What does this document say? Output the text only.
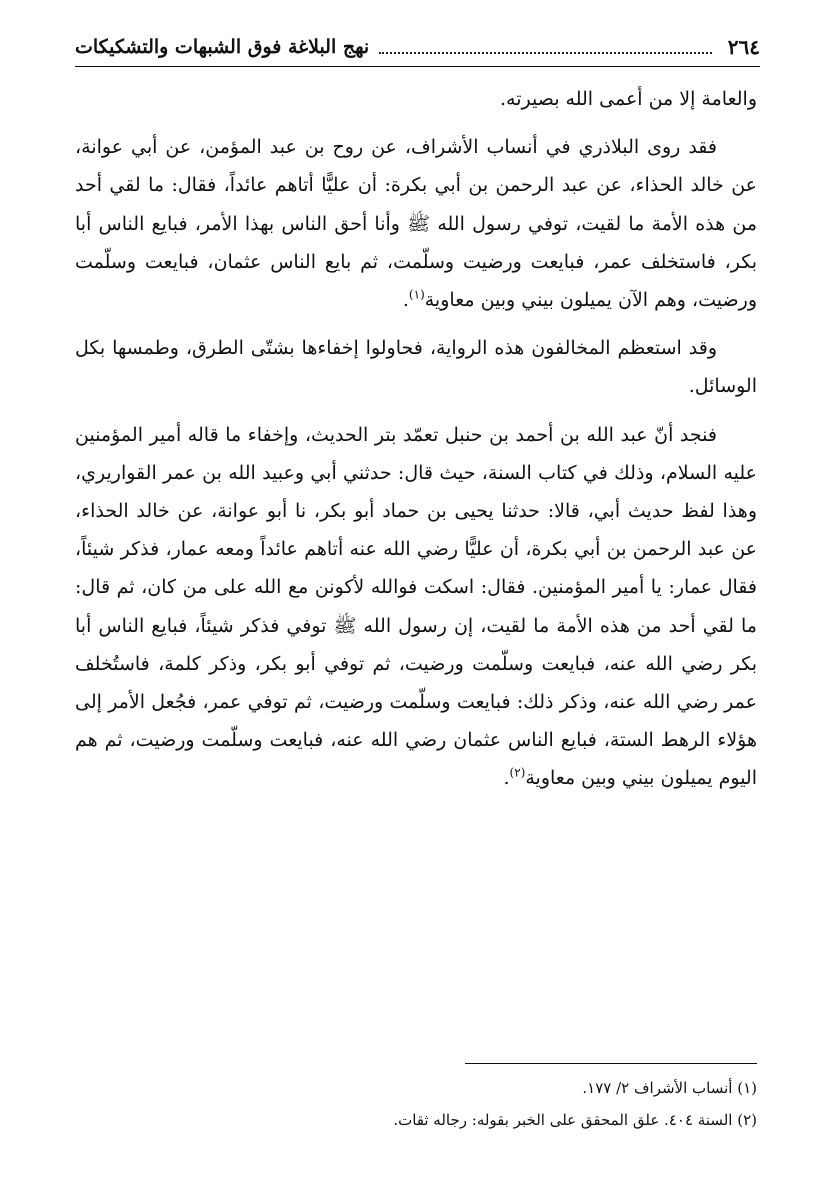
٢٦٤
نهج البلاغة فوق الشبهات والتشكيكات

والعامة إلا من أعمى الله بصيرته.

فقد روى البلاذري في أنساب الأشراف، عن روح بن عبد المؤمن، عن أبي عوانة، عن خالد الحذاء، عن عبد الرحمن بن أبي بكرة: أن عليًّا أتاهم عائداً، فقال: ما لقي أحد من هذه الأمة ما لقيت، توفي رسول الله ﷺ وأنا أحق الناس بهذا الأمر، فبايع الناس أبا بكر، فاستخلف عمر، فبايعت ورضيت وسلّمت، ثم بايع الناس عثمان، فبايعت وسلّمت ورضيت، وهم الآن يميلون بيني وبين معاوية$^{(١)}$.

وقد استعظم المخالفون هذه الرواية، فحاولوا إخفاءها بشتّى الطرق، وطمسها بكل الوسائل.

فنجد أنّ عبد الله بن أحمد بن حنبل تعمّد بتر الحديث، وإخفاء ما قاله أمير المؤمنين عليه السلام، وذلك في كتاب السنة، حيث قال: حدثني أبي وعبيد الله بن عمر القواريري، وهذا لفظ حديث أبي، قالا: حدثنا يحيى بن حماد أبو بكر، نا أبو عوانة، عن خالد الحذاء، عن عبد الرحمن بن أبي بكرة، أن عليًّا رضي الله عنه أتاهم عائداً ومعه عمار، فذكر شيئاً، فقال عمار: يا أمير المؤمنين. فقال: اسكت فوالله لأكونن مع الله على من كان، ثم قال: ما لقي أحد من هذه الأمة ما لقيت، إن رسول الله ﷺ توفي فذكر شيئاً، فبايع الناس أبا بكر رضي الله عنه، فبايعت وسلّمت ورضيت، ثم توفي أبو بكر، وذكر كلمة، فاستُخلف عمر رضي الله عنه، وذكر ذلك: فبايعت وسلّمت ورضيت، ثم توفي عمر، فجُعل الأمر إلى هؤلاء الرهط الستة، فبايع الناس عثمان رضي الله عنه، فبايعت وسلّمت ورضيت، ثم هم اليوم يميلون بيني وبين معاوية$^{(٢)}$.

(١) أنساب الأشراف ٢/ ١٧٧.

(٢) السنة ٤٠٤. علق المحقق على الخبر بقوله: رجاله ثقات.
